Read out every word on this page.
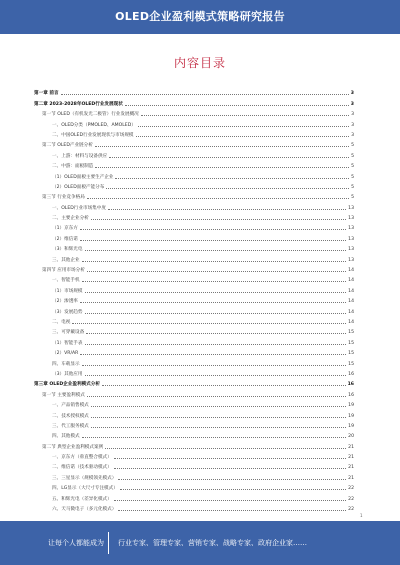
OLED企业盈利模式策略研究报告
内容目录
第一章 前言	3
第二章 2023-2028年OLED行业发展现状	3
第一节 OLED（有机发光二极管）行业发展概况	3
一、OLED分类（PMOLED、AMOLED）	3
二、中国OLED行业发展现状与市场规模	3
第二节 OLED产业链分析	5
一、上游：材料与设备供应	5
二、中游：面板制造	5
（1）OLED面板主要生产企业	5
（2）OLED面板产能分布	5
第三节 行业竞争格局	5
一、OLED行业市场集中度	13
二、主要企业分析	13
（1）京东方	13
（2）维信诺	13
（3）和辉光电	13
三、其他企业	13
第四节 应用市场分析	14
一、智能手机	14
（1）市场规模	14
（2）渗透率	14
（3）发展趋势	14
二、电视	14
三、可穿戴设备	15
（1）智能手表	15
（2）VR/AR	15
四、车载显示	15
（3）其他应用	16
第三章 OLED企业盈利模式分析	16
第一节 主要盈利模式	16
一、产品销售模式	19
二、技术授权模式	19
三、代工服务模式	19
四、其他模式	20
第二节 典型企业盈利模式案例	21
一、京东方（垂直整合模式）	21
二、维信诺（技术驱动模式）	21
三、三星显示（规模领先模式）	21
四、LG显示（大尺寸专注模式）	22
五、和辉光电（差异化模式）	22
六、天马微电子（多元化模式）	22
1
让每个人都能成为 行业专家、管理专家、营销专家、战略专家、政府企业家……
